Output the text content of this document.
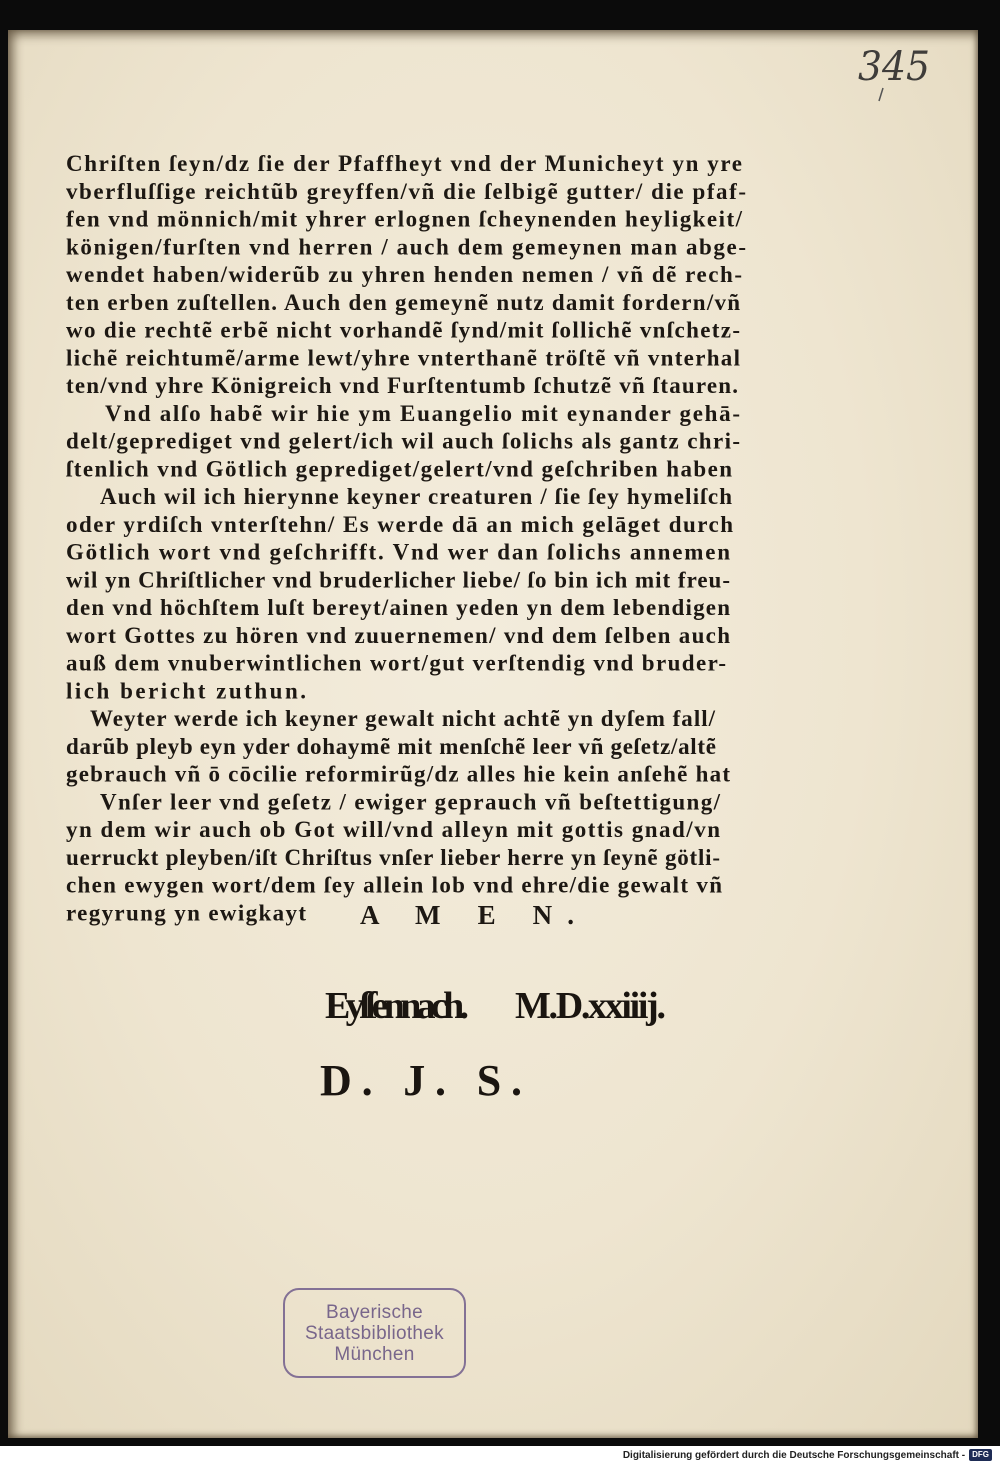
345
A M E N.
Eyſſennach. M.D.xxiiij.
D. J. S.
Chriſten ſeyn/dz ſie der Pfaffheyt vnd der Municheyt yn yre
vberfluſſige reichtũb greyffen/vñ die ſelbigẽ gutter/ die pfaf-
fen vnd mönnich/mit yhrer erlognen ſcheynenden heyligkeit/
königen/furſten vnd herren / auch dem gemeynen man abge-
wendet haben/widerũb zu yhren henden nemen / vñ dẽ rech-
ten erben zuſtellen. Auch den gemeynẽ nutz damit fordern/vñ
wo die rechtẽ erbẽ nicht vorhandẽ ſynd/mit ſollichẽ vnſchetz-
lichẽ reichtumẽ/arme lewt/yhre vnterthanẽ tröſtẽ vñ vnterhal
ten/vnd yhre Königreich vnd Furſtentumb ſchutzẽ vñ ſtauren.
Vnd alſo habẽ wir hie ym Euangelio mit eynander gehā-
delt/geprediget vnd gelert/ich wil auch ſolichs als gantz chri-
ſtenlich vnd Götlich geprediget/gelert/vnd geſchriben haben
Auch wil ich hierynne keyner creaturen / ſie ſey hymeliſch
oder yrdiſch vnterſtehn/ Es werde dā an mich gelāget durch
Götlich wort vnd geſchrifft. Vnd wer dan ſolichs annemen
wil yn Chriſtlicher vnd bruderlicher liebe/ ſo bin ich mit freu-
den vnd höchſtem luſt bereyt/ainen yeden yn dem lebendigen
wort Gottes zu hören vnd zuuernemen/ vnd dem ſelben auch
auß dem vnuberwintlichen wort/gut verſtendig vnd bruder-
lich bericht zuthun.
Weyter werde ich keyner gewalt nicht achtẽ yn dyſem fall/
darũb pleyb eyn yder dohaymẽ mit menſchẽ leer vñ geſetz/altẽ
gebrauch vñ ō cōcilie reformirũg/dz alles hie kein anſehẽ hat
Vnſer leer vnd geſetz / ewiger geprauch vñ beſtettigung/
yn dem wir auch ob Got will/vnd alleyn mit gottis gnad/vn
uerruckt pleyben/iſt Chriſtus vnſer lieber herre yn ſeynẽ götli-
chen ewygen wort/dem ſey allein lob vnd ehre/die gewalt vñ
regyrung yn ewigkayt
Bayerische
Staatsbibliothek
München
Digitalisierung gefördert durch die Deutsche Forschungsgemeinschaft - DFG
